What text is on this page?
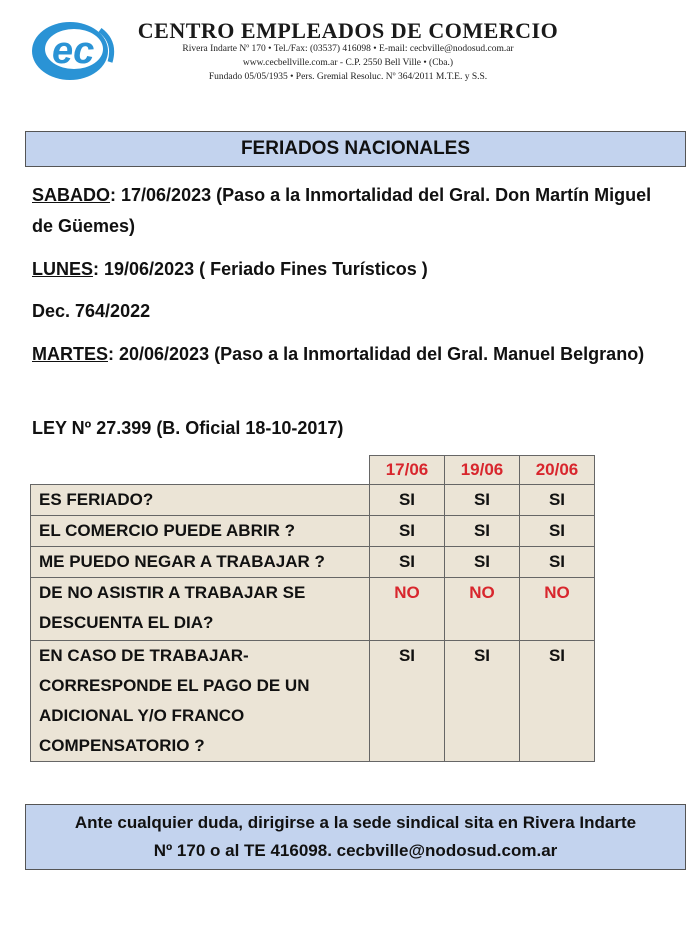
ec	CENTRO EMPLEADOS DE COMERCIO
Rivera Indarte Nº 170 • Tel./Fax: (03537) 416098 • E-mail: cecbville@nodosud.com.ar
www.cecbellville.com.ar - C.P. 2550 Bell Ville • (Cba.)
Fundado 05/05/1935 • Pers. Gremial Resoluc. Nº 364/2011 M.T.E. y S.S.
FERIADOS NACIONALES
SABADO: 17/06/2023 (Paso a la Inmortalidad del Gral. Don Martín Miguel de Güemes)
LUNES: 19/06/2023 ( Feriado Fines Turísticos )
Dec. 764/2022
MARTES: 20/06/2023 (Paso a la Inmortalidad del Gral. Manuel Belgrano)
LEY Nº 27.399 (B. Oficial 18-10-2017)
	17/06	19/06	20/06
ES FERIADO?	SI	SI	SI
EL COMERCIO PUEDE ABRIR ?	SI	SI	SI
ME PUEDO NEGAR A TRABAJAR ?	SI	SI	SI
DE NO ASISTIR A TRABAJAR SE DESCUENTA EL DIA?	NO	NO	NO
EN CASO DE TRABAJAR- CORRESPONDE EL PAGO DE UN ADICIONAL Y/O FRANCO COMPENSATORIO ?	SI	SI	SI
Ante cualquier duda, dirigirse a la sede sindical sita en Rivera Indarte
Nº 170 o al TE 416098. cecbville@nodosud.com.ar
